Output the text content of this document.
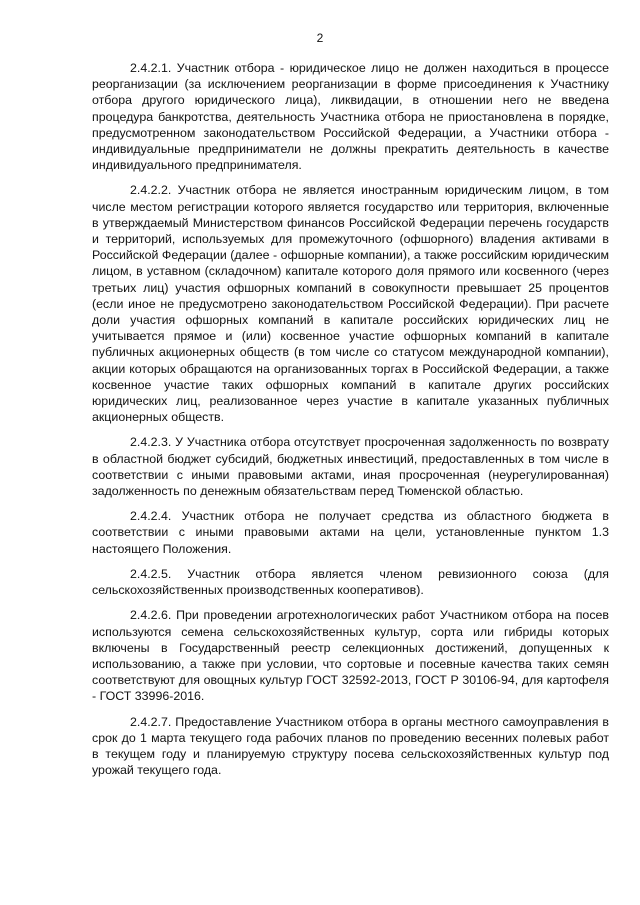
2

2.4.2.1. Участник отбора - юридическое лицо не должен находиться в процессе реорганизации (за исключением реорганизации в форме присоединения к Участнику отбора другого юридического лица), ликвидации, в отношении него не введена процедура банкротства, деятельность Участника отбора не приостановлена в порядке, предусмотренном законодательством Российской Федерации, а Участники отбора - индивидуальные предприниматели не должны прекратить деятельность в качестве индивидуального предпринимателя.

2.4.2.2. Участник отбора не является иностранным юридическим лицом, в том числе местом регистрации которого является государство или территория, включенные в утверждаемый Министерством финансов Российской Федерации перечень государств и территорий, используемых для промежуточного (офшорного) владения активами в Российской Федерации (далее - офшорные компании), а также российским юридическим лицом, в уставном (складочном) капитале которого доля прямого или косвенного (через третьих лиц) участия офшорных компаний в совокупности превышает 25 процентов (если иное не предусмотрено законодательством Российской Федерации). При расчете доли участия офшорных компаний в капитале российских юридических лиц не учитывается прямое и (или) косвенное участие офшорных компаний в капитале публичных акционерных обществ (в том числе со статусом международной компании), акции которых обращаются на организованных торгах в Российской Федерации, а также косвенное участие таких офшорных компаний в капитале других российских юридических лиц, реализованное через участие в капитале указанных публичных акционерных обществ.

2.4.2.3. У Участника отбора отсутствует просроченная задолженность по возврату в областной бюджет субсидий, бюджетных инвестиций, предоставленных в том числе в соответствии с иными правовыми актами, иная просроченная (неурегулированная) задолженность по денежным обязательствам перед Тюменской областью.

2.4.2.4. Участник отбора не получает средства из областного бюджета в соответствии с иными правовыми актами на цели, установленные пунктом 1.3 настоящего Положения.

2.4.2.5. Участник отбора является членом ревизионного союза (для сельскохозяйственных производственных кооперативов).

2.4.2.6. При проведении агротехнологических работ Участником отбора на посев используются семена сельскохозяйственных культур, сорта или гибриды которых включены в Государственный реестр селекционных достижений, допущенных к использованию, а также при условии, что сортовые и посевные качества таких семян соответствуют для овощных культур ГОСТ 32592-2013, ГОСТ Р 30106-94, для картофеля - ГОСТ 33996-2016.

2.4.2.7. Предоставление Участником отбора в органы местного самоуправления в срок до 1 марта текущего года рабочих планов по проведению весенних полевых работ в текущем году и планируемую структуру посева сельскохозяйственных культур под урожай текущего года.
